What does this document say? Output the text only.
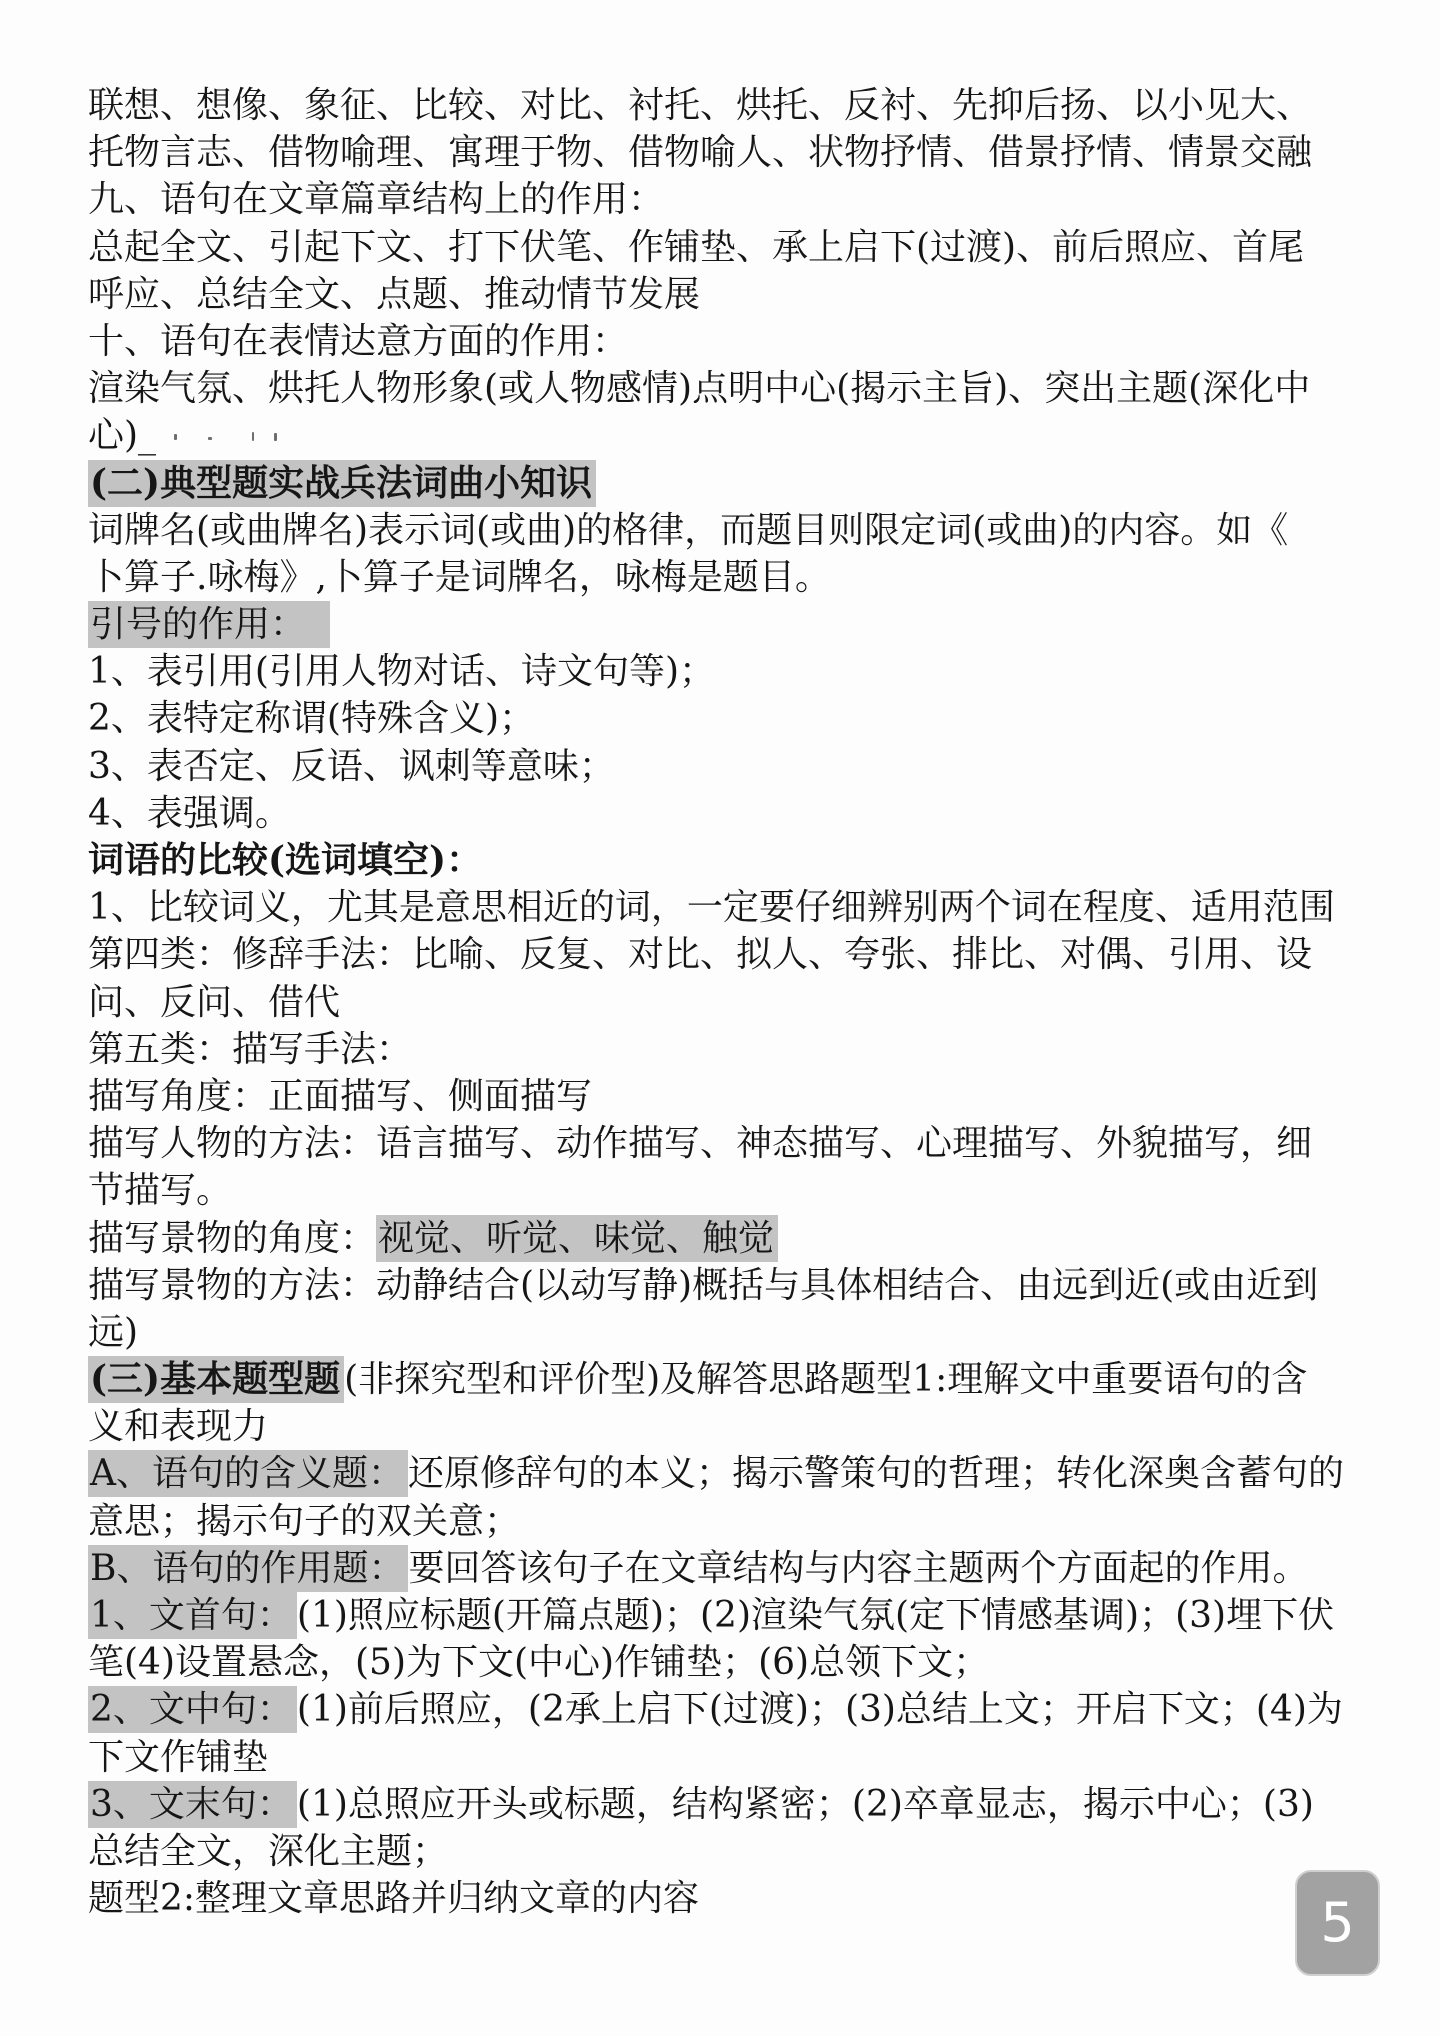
联想、想像、象征、比较、对比、衬托、烘托、反衬、先抑后扬、以小见大、
托物言志、借物喻理、寓理于物、借物喻人、状物抒情、借景抒情、情景交融
九、语句在文章篇章结构上的作用：
总起全文、引起下文、打下伏笔、作铺垫、承上启下(过渡)、前后照应、首尾
呼应、总结全文、点题、推动情节发展
十、语句在表情达意方面的作用：
渲染气氛、烘托人物形象(或人物感情)点明中心(揭示主旨)、突出主题(深化中
心)_
(二)典型题实战兵法词曲小知识
词牌名(或曲牌名)表示词(或曲)的格律，而题目则限定词(或曲)的内容。如《
卜算子.咏梅》,卜算子是词牌名，咏梅是题目。
引号的作用：
1、表引用(引用人物对话、诗文句等)；
2、表特定称谓(特殊含义)；
3、表否定、反语、讽刺等意味；
4、表强调。
词语的比较(选词填空)：
1、比较词义，尤其是意思相近的词，一定要仔细辨别两个词在程度、适用范围
第四类：修辞手法：比喻、反复、对比、拟人、夸张、排比、对偶、引用、设
问、反问、借代
第五类：描写手法：
描写角度：正面描写、侧面描写
描写人物的方法：语言描写、动作描写、神态描写、心理描写、外貌描写，细
节描写。
描写景物的角度：视觉、听觉、味觉、触觉
描写景物的方法：动静结合(以动写静)概括与具体相结合、由远到近(或由近到
远)
(三)基本题型题 (非探究型和评价型)及解答思路题型1:理解文中重要语句的含
义和表现力
A、语句的含义题： 还原修辞句的本义；揭示警策句的哲理；转化深奥含蓄句的
意思；揭示句子的双关意；
B、语句的作用题： 要回答该句子在文章结构与内容主题两个方面起的作用。
1、文首句： (1)照应标题(开篇点题)；(2)渲染气氛(定下情感基调)；(3)埋下伏
笔(4)设置悬念，(5)为下文(中心)作铺垫；(6)总领下文；
2、文中句： (1)前后照应，(2承上启下(过渡)；(3)总结上文；开启下文；(4)为
下文作铺垫
3、文末句： (1)总照应开头或标题，结构紧密；(2)卒章显志，揭示中心；(3)
总结全文，深化主题；
题型2:整理文章思路并归纳文章的内容	5
